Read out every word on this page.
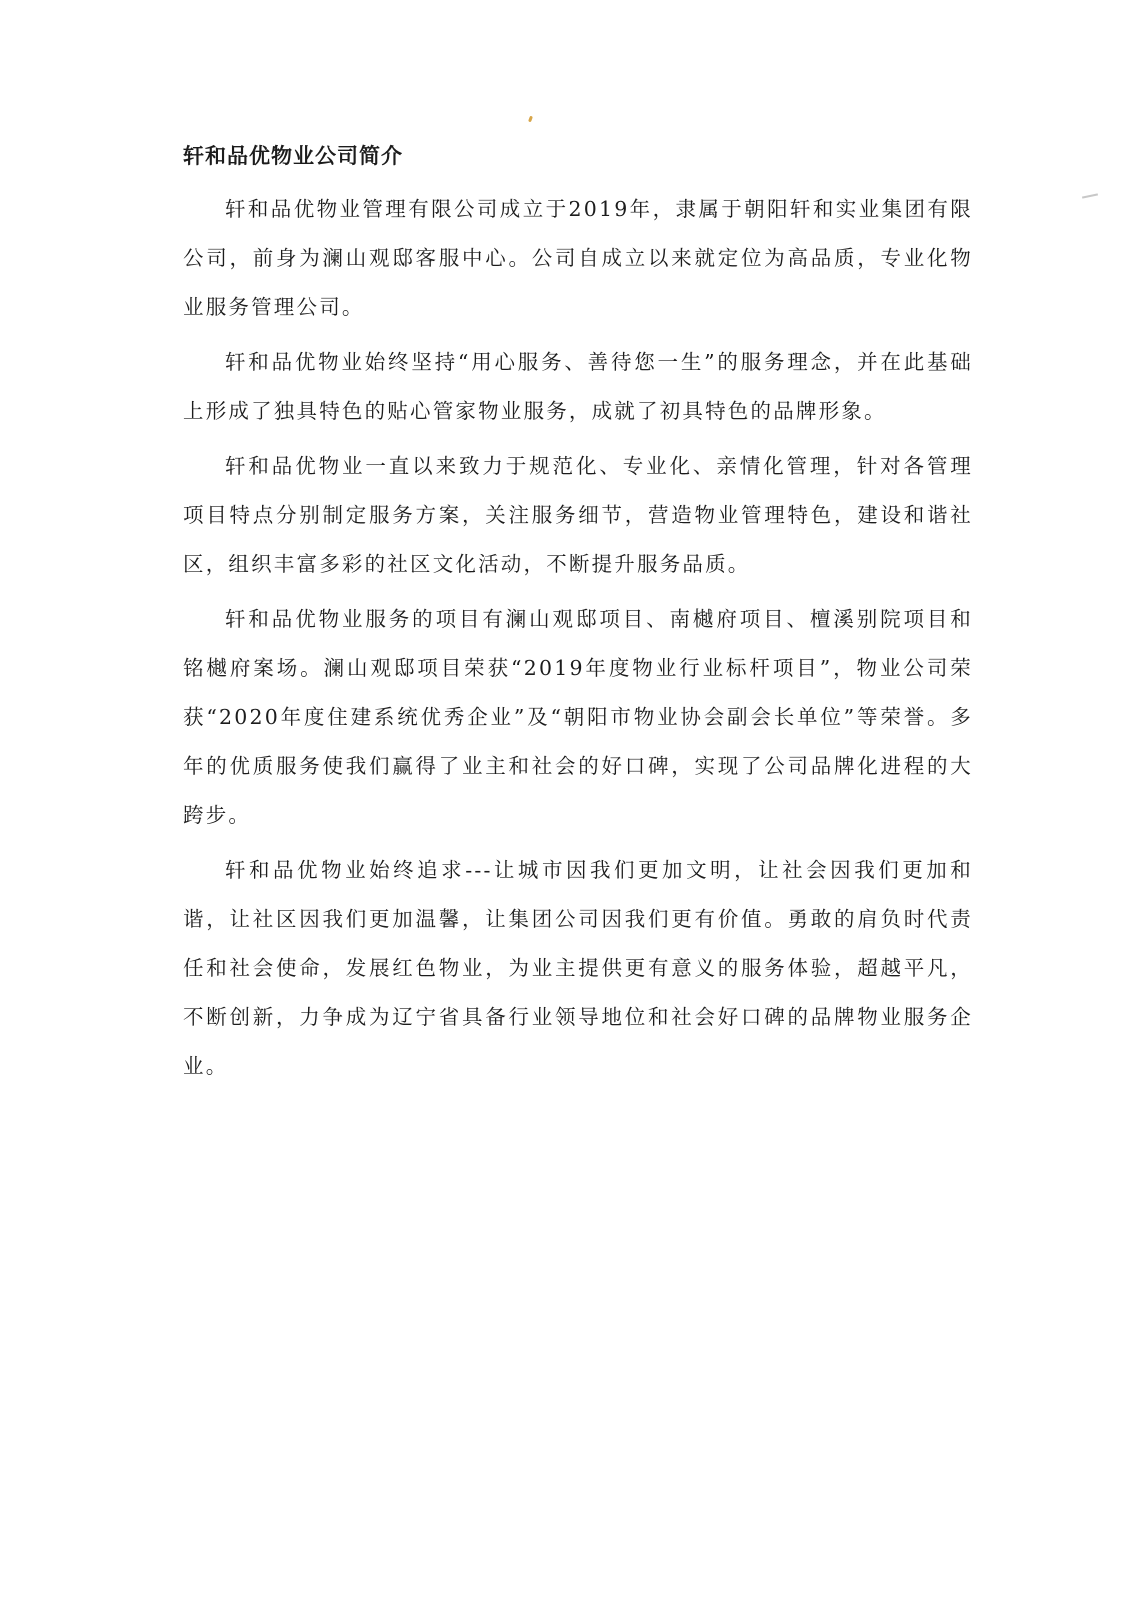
轩和品优物业公司简介

轩和品优物业管理有限公司成立于2019年，隶属于朝阳轩和实业集团有限公司，前身为澜山观邸客服中心。公司自成立以来就定位为高品质，专业化物业服务管理公司。

轩和品优物业始终坚持“用心服务、善待您一生”的服务理念，并在此基础上形成了独具特色的贴心管家物业服务，成就了初具特色的品牌形象。

轩和品优物业一直以来致力于规范化、专业化、亲情化管理，针对各管理项目特点分别制定服务方案，关注服务细节，营造物业管理特色，建设和谐社区，组织丰富多彩的社区文化活动，不断提升服务品质。

轩和品优物业服务的项目有澜山观邸项目、南樾府项目、檀溪别院项目和铭樾府案场。澜山观邸项目荣获“2019年度物业行业标杆项目”，物业公司荣获“2020年度住建系统优秀企业”及“朝阳市物业协会副会长单位”等荣誉。多年的优质服务使我们赢得了业主和社会的好口碑，实现了公司品牌化进程的大跨步。

轩和品优物业始终追求---让城市因我们更加文明，让社会因我们更加和谐，让社区因我们更加温馨，让集团公司因我们更有价值。勇敢的肩负时代责任和社会使命，发展红色物业，为业主提供更有意义的服务体验，超越平凡，不断创新，力争成为辽宁省具备行业领导地位和社会好口碑的品牌物业服务企业。
